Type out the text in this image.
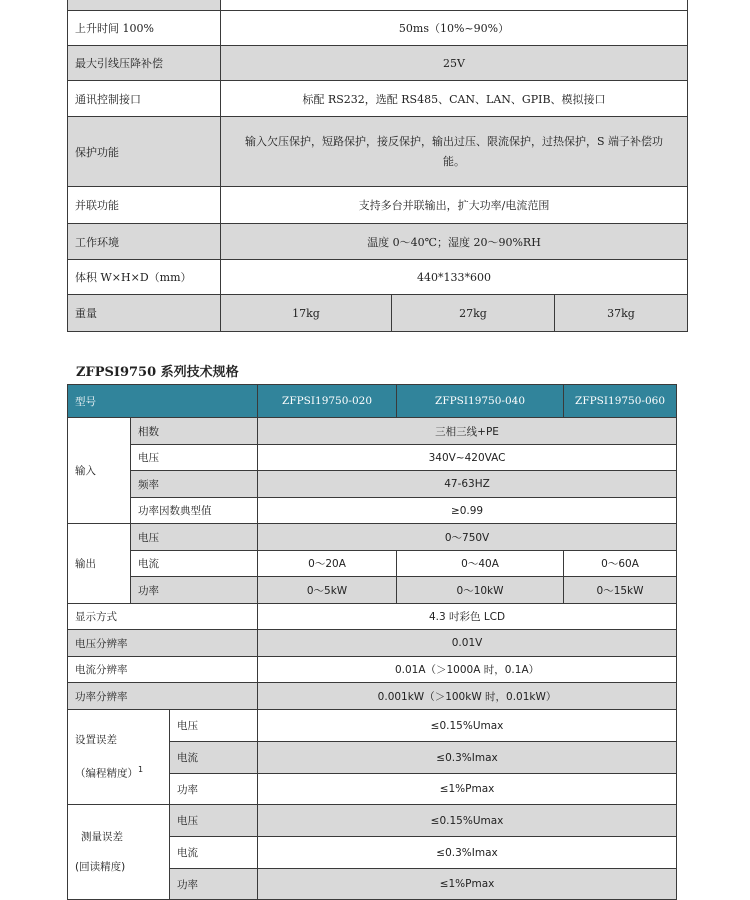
上升时间 100%	50ms（10%~90%）		
最大引线压降补偿	25V		
通讯控制接口	标配 RS232，选配 RS485、CAN、LAN、GPIB、模拟接口		
保护功能	输入欠压保护，短路保护，接反保护，输出过压、限流保护，过热保护，S 端子补偿功
能。		

并联功能	支持多台并联输出，扩大功率/电流范围		
工作环境	温度 0～40℃；湿度 20～90%RH		
体积 W×H×D（mm）	440*133*600		
重量	17kg	27kg	37kg
ZFPSI9750 系列技术规格
型号			ZFPSI19750-020	ZFPSI19750-040	ZFPSI19750-060
输入	相数		三相三线+PE		
	电压		340V~420VAC		
	频率		47-63HZ		
	功率因数典型值		≥0.99		
输出	电压		0～750V		
	电流		0～20A	0～40A	0～60A
	功率		0～5kW	0～10kW	0～15kW
显示方式			4.3 吋彩色 LCD		
电压分辨率			0.01V		
电流分辨率			0.01A（＞1000A 时，0.1A）		
功率分辨率			0.001kW（＞100kW 时，0.01kW）		

设置误差
（编程精度）$^1$		电压	≤0.15%Umax		
		电流	≤0.3%Imax		
		功率	≤1%Pmax		

测量误差
(回读精度)		电压	≤0.15%Umax		
		电流	≤0.3%Imax		
		功率	≤1%Pmax		
